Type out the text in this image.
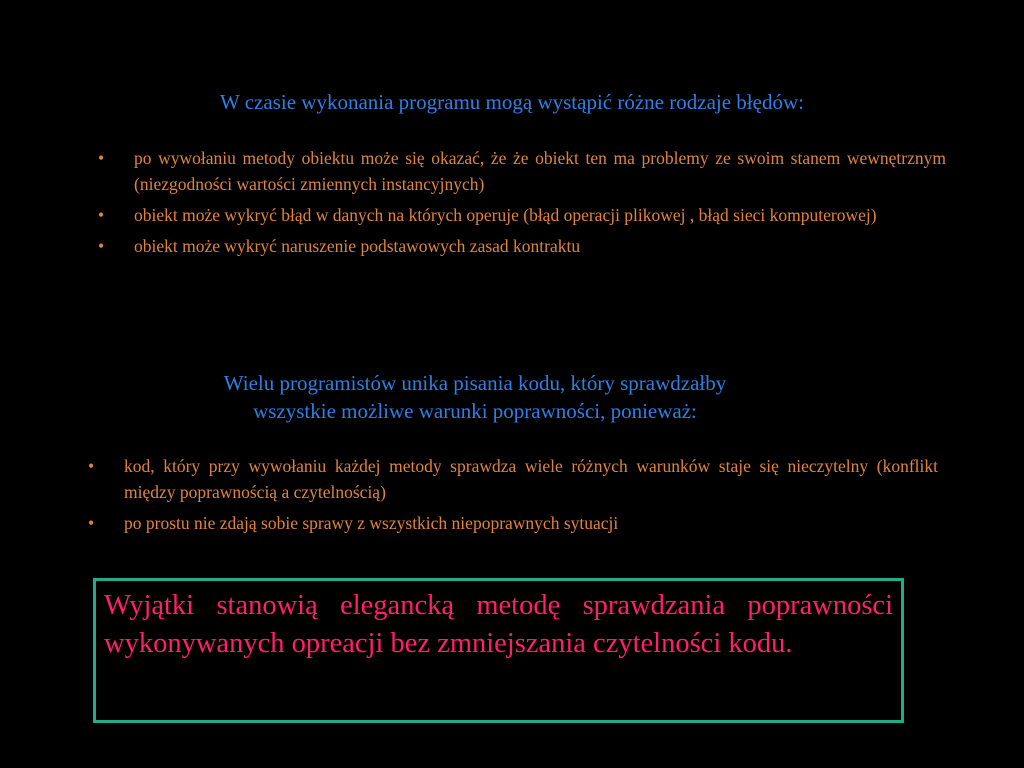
W czasie wykonania programu mogą wystąpić różne rodzaje błędów:
• po wywołaniu metody obiektu może się okazać, że że obiekt ten ma problemy ze swoim stanem wewnętrznym (niezgodności wartości zmiennych instancyjnych)
• obiekt może wykryć błąd w danych na których operuje (błąd operacji plikowej , błąd sieci komputerowej)
• obiekt może wykryć naruszenie podstawowych zasad kontraktu
Wielu programistów unika pisania kodu, który sprawdzałby
wszystkie możliwe warunki poprawności, ponieważ:
• kod, który przy wywołaniu każdej metody sprawdza wiele różnych warunków staje się nieczytelny (konflikt między poprawnością a czytelnością)
• po prostu nie zdają sobie sprawy z wszystkich niepoprawnych sytuacji

Wyjątki stanowią elegancką metodę sprawdzania poprawności wykonywanych opreacji bez zmniejszania czytelności kodu.
